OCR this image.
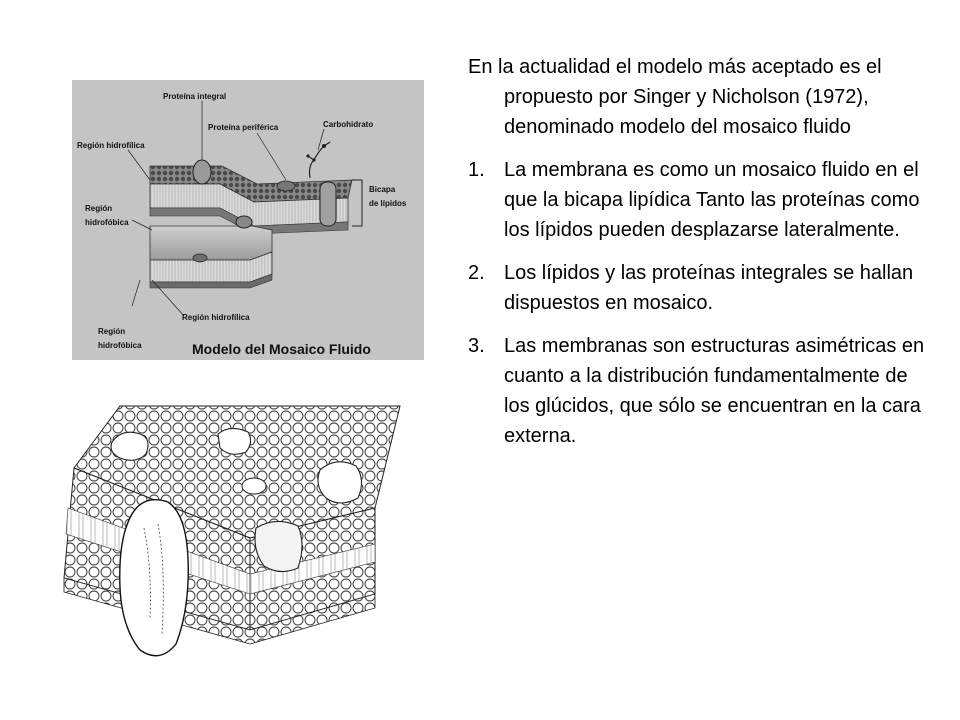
Proteína integral
Proteína periférica	Carbohidrato
Región hidrofílica
Bicapa
de lípidos
Región
hidrofóbica
Región hidrofílica
Región
hidrofóbica	Modelo del Mosaico Fluido

En la actualidad el modelo más aceptado es el propuesto por Singer y Nicholson (1972), denominado modelo del mosaico fluido

1. La membrana es como un mosaico fluido en el que la bicapa lipídica Tanto las proteínas como los lípidos pueden desplazarse lateralmente.
2. Los lípidos y las proteínas integrales se hallan dispuestos en mosaico.
3. Las membranas son estructuras asimétricas en cuanto a la distribución fundamentalmente de los glúcidos, que sólo se encuentran en la cara externa.
